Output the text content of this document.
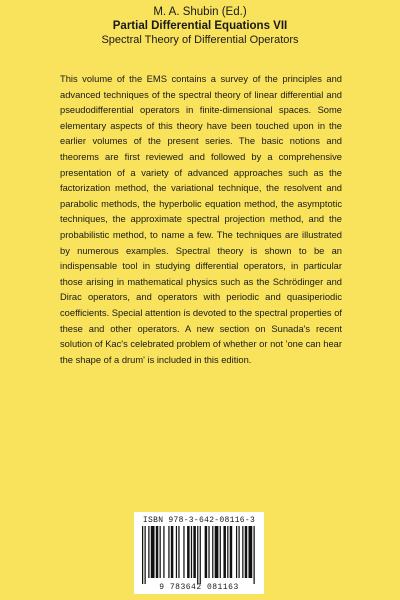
M. A. Shubin (Ed.)
Partial Differential Equations VII
Spectral Theory of Differential Operators
This volume of the EMS contains a survey of the principles and advanced techniques of the spectral theory of linear differential and pseudodifferential operators in finite-dimensional spaces. Some elementary aspects of this theory have been touched upon in the earlier volumes of the present series. The basic notions and theorems are first reviewed and followed by a comprehensive presentation of a variety of advanced approaches such as the factorization method, the variational technique, the resolvent and parabolic methods, the hyperbolic equation method, the asymptotic techniques, the approximate spectral projection method, and the probabilistic method, to name a few. The techniques are illustrated by numerous examples. Spectral theory is shown to be an indispensable tool in studying differential operators, in particular those arising in mathematical physics such as the Schrödinger and Dirac operators, and operators with periodic and quasiperiodic coefficients. Special attention is devoted to the spectral properties of these and other operators. A new section on Sunada's recent solution of Kac's celebrated problem of whether or not 'one can hear the shape of a drum' is included in this edition.
ISBN 978-3-642-08116-3
9 783642 081163
